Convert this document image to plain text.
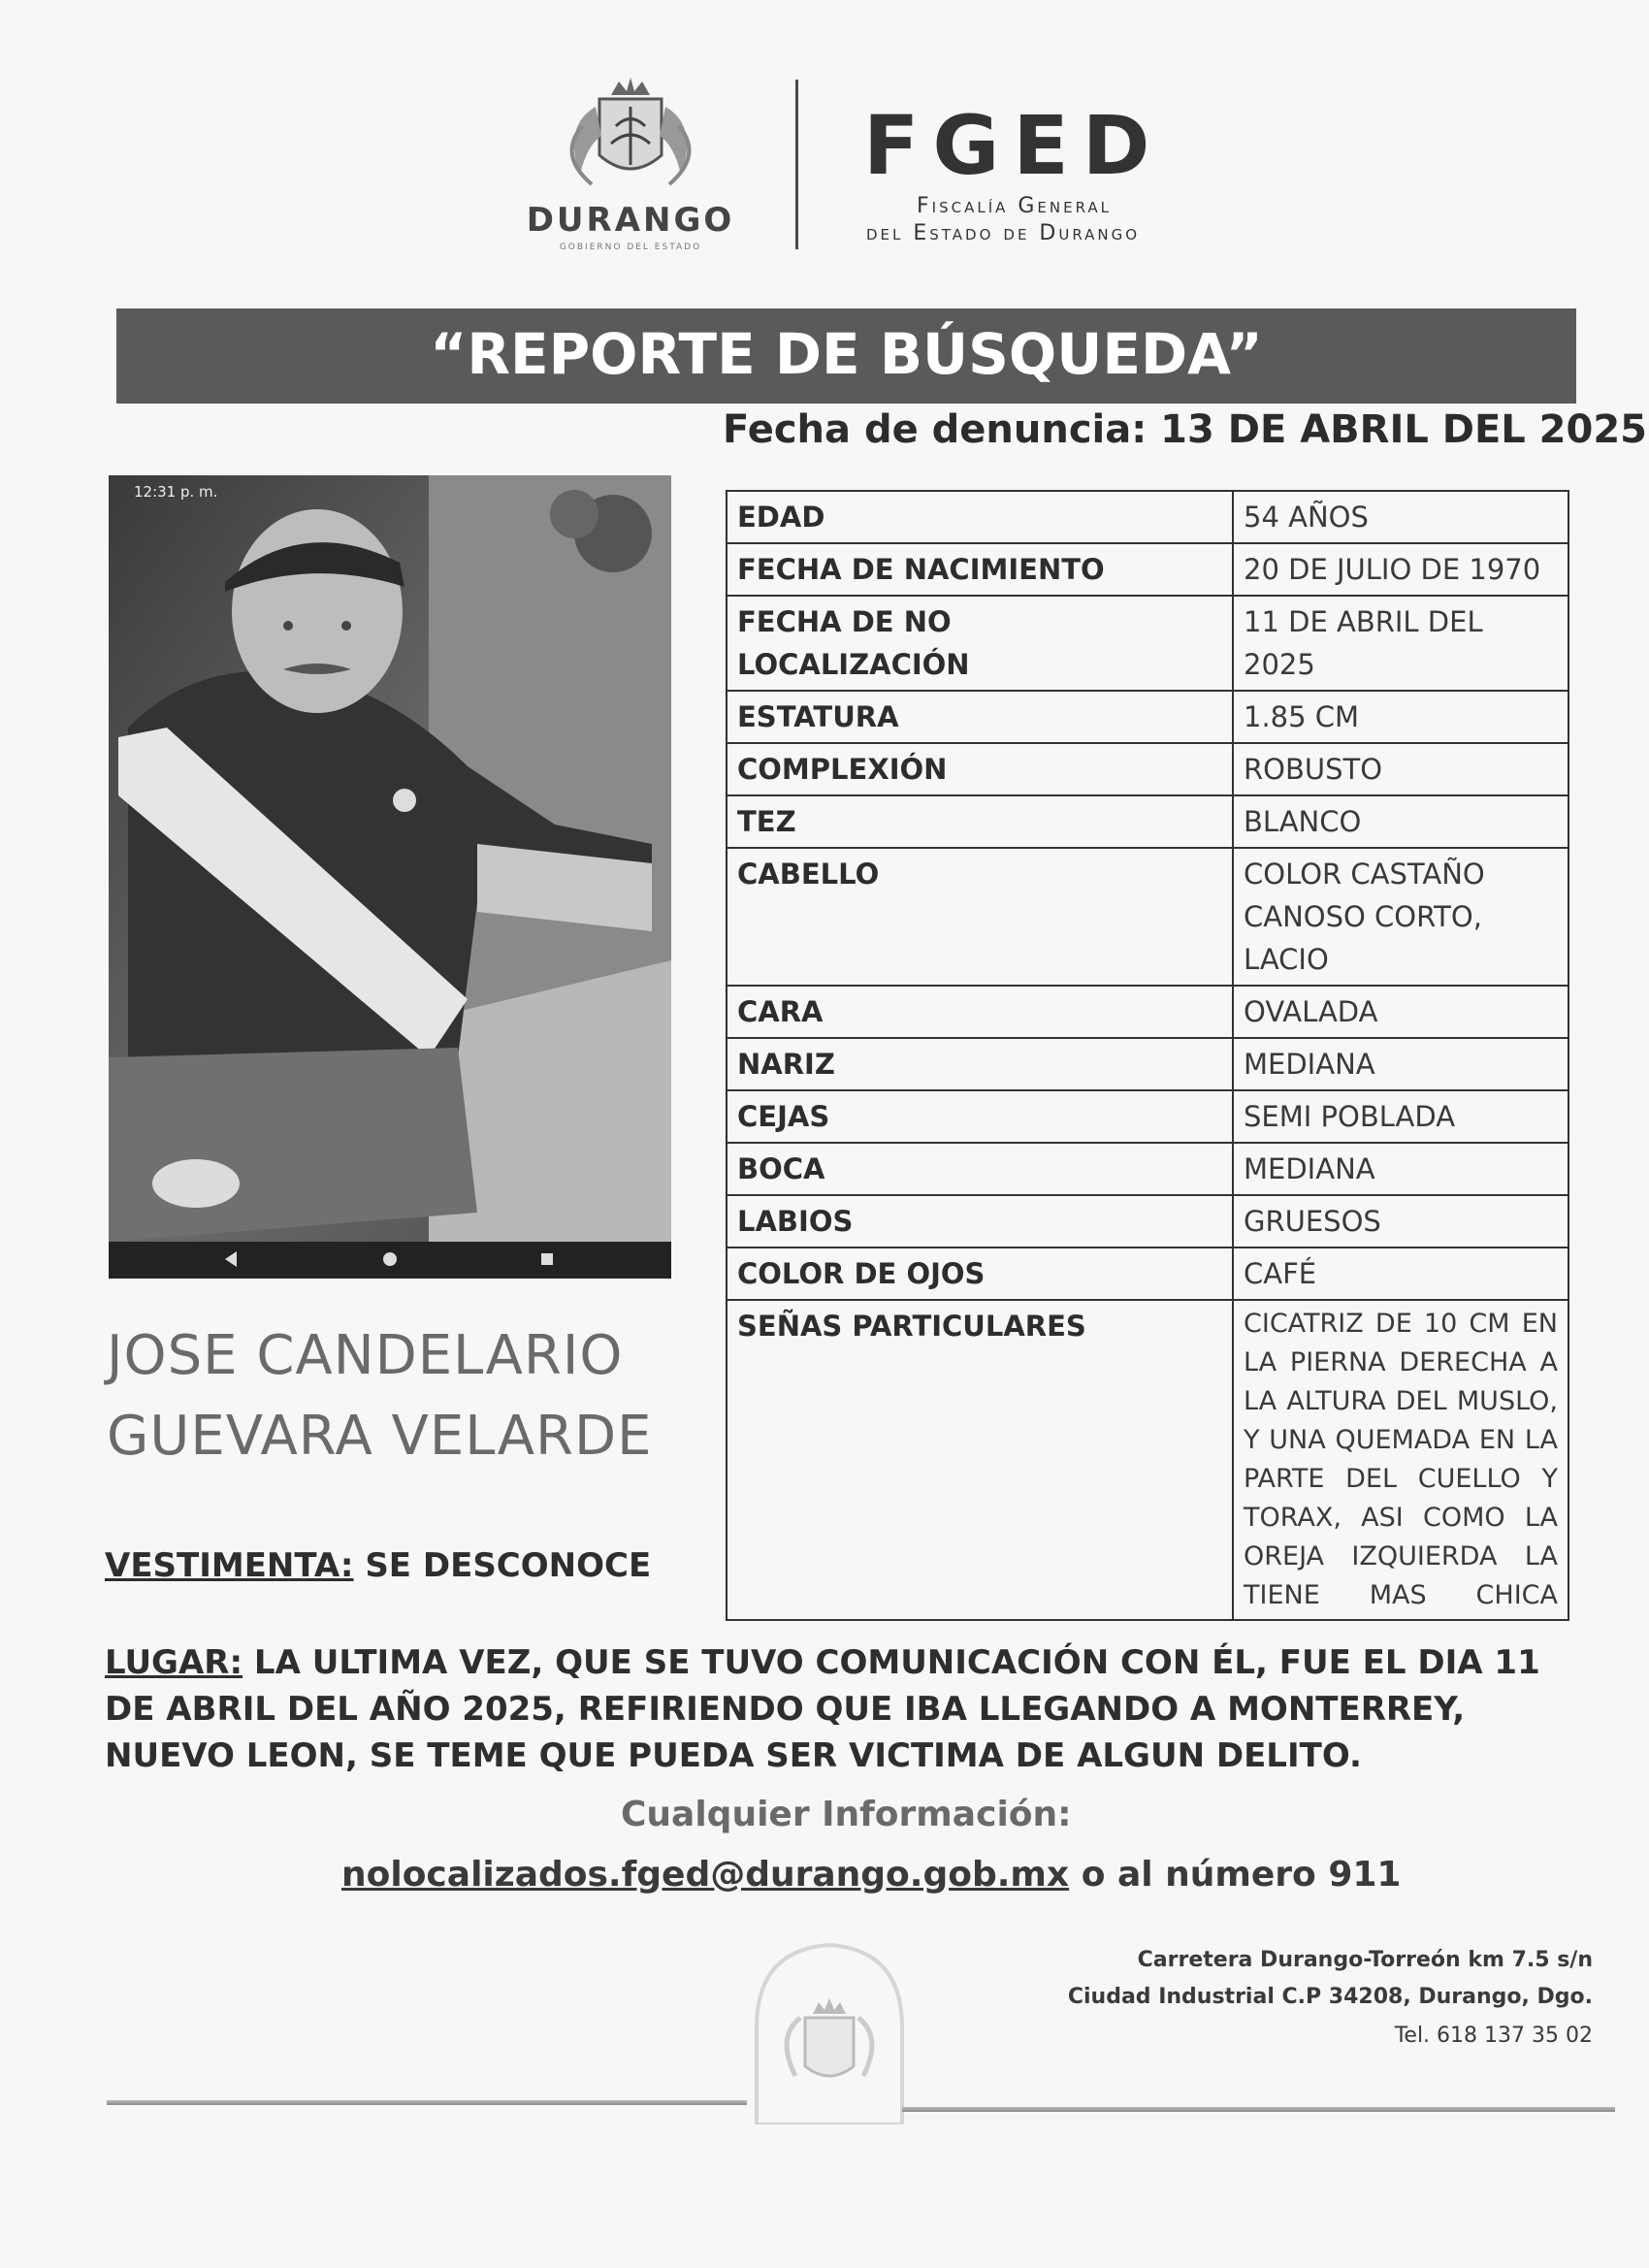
DURANGO
GOBIERNO DEL ESTADO
FGED
Fiscalía General
del Estado de Durango
“REPORTE DE BÚSQUEDA”
Fecha de denuncia: 13 DE ABRIL DEL 2025
12:31 p. m.
JOSE CANDELARIO
GUEVARA VELARDE
EDAD	54 AÑOS
FECHA DE NACIMIENTO	20 DE JULIO DE 1970
FECHA DE NO LOCALIZACIÓN	11 DE ABRIL DEL 2025
ESTATURA	1.85 CM
COMPLEXIÓN	ROBUSTO
TEZ	BLANCO
CABELLO	COLOR CASTAÑO CANOSO CORTO, LACIO
CARA	OVALADA
NARIZ	MEDIANA
CEJAS	SEMI POBLADA
BOCA	MEDIANA
LABIOS	GRUESOS
COLOR DE OJOS	CAFÉ
SEÑAS PARTICULARES	CICATRIZ DE 10 CM EN LA PIERNA DERECHA A LA ALTURA DEL MUSLO, Y UNA QUEMADA EN LA PARTE DEL CUELLO Y TORAX, ASI COMO LA OREJA IZQUIERDA LA TIENE MAS CHICA
VESTIMENTA: SE DESCONOCE
LUGAR: LA ULTIMA VEZ, QUE SE TUVO COMUNICACIÓN CON ÉL, FUE EL DIA 11 DE ABRIL DEL AÑO 2025, REFIRIENDO QUE IBA LLEGANDO A MONTERREY, NUEVO LEON, SE TEME QUE PUEDA SER VICTIMA DE ALGUN DELITO.
Cualquier Información:
nolocalizados.fged@durango.gob.mx o al número 911
Carretera Durango-Torreón km 7.5 s/n
Ciudad Industrial C.P 34208, Durango, Dgo.
Tel. 618 137 35 02
